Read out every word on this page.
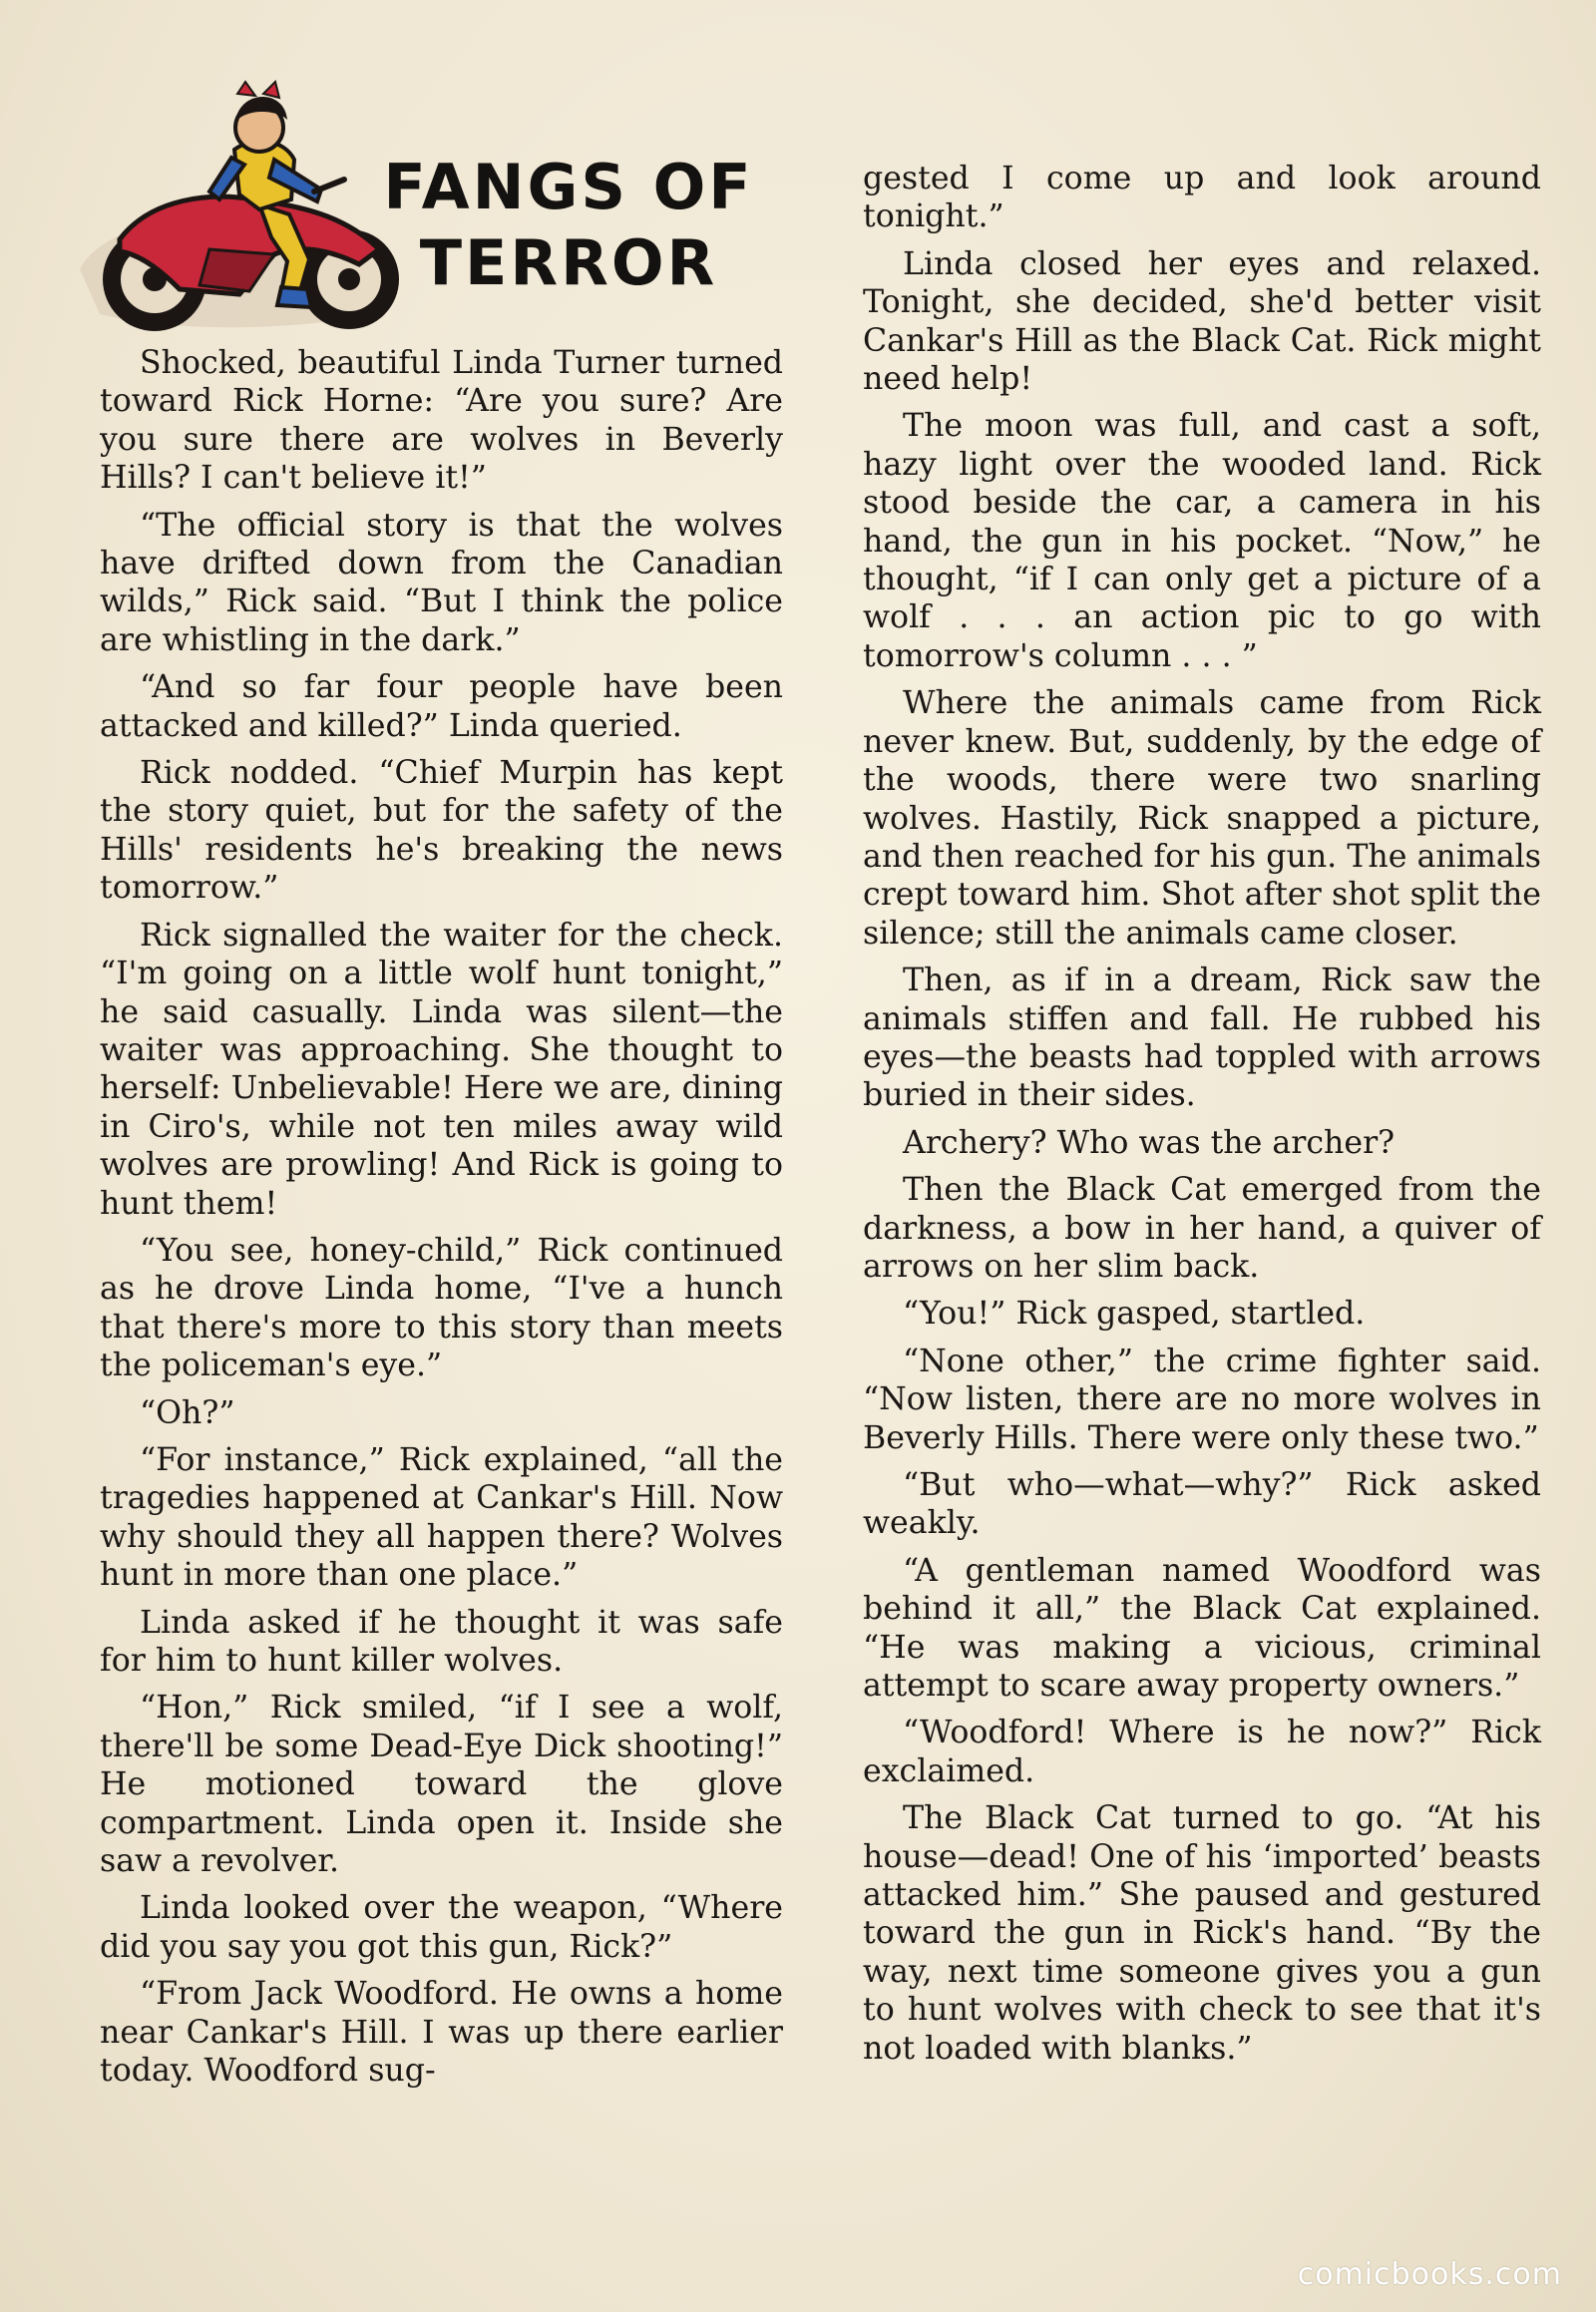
FANGS OF
TERROR

Shocked, beautiful Linda Turner turned toward Rick Horne: “Are you sure? Are you sure there are wolves in Beverly Hills? I can't believe it!”

“The official story is that the wolves have drifted down from the Canadian wilds,” Rick said. “But I think the police are whistling in the dark.”

“And so far four people have been attacked and killed?” Linda queried.

Rick nodded. “Chief Murpin has kept the story quiet, but for the safety of the Hills' residents he's breaking the news tomorrow.”

Rick signalled the waiter for the check. “I'm going on a little wolf hunt tonight,” he said casually. Linda was silent—the waiter was approaching. She thought to herself: Unbelievable! Here we are, dining in Ciro's, while not ten miles away wild wolves are prowling! And Rick is going to hunt them!

“You see, honey-child,” Rick continued as he drove Linda home, “I've a hunch that there's more to this story than meets the policeman's eye.”

“Oh?”

“For instance,” Rick explained, “all the tragedies happened at Cankar's Hill. Now why should they all happen there? Wolves hunt in more than one place.”

Linda asked if he thought it was safe for him to hunt killer wolves.

“Hon,” Rick smiled, “if I see a wolf, there'll be some Dead-Eye Dick shooting!” He motioned toward the glove compartment. Linda open it. Inside she saw a revolver.

Linda looked over the weapon, “Where did you say you got this gun, Rick?”

“From Jack Woodford. He owns a home near Cankar's Hill. I was up there earlier today. Woodford sug-

gested I come up and look around tonight.”

Linda closed her eyes and relaxed. Tonight, she decided, she'd better visit Cankar's Hill as the Black Cat. Rick might need help!

The moon was full, and cast a soft, hazy light over the wooded land. Rick stood beside the car, a camera in his hand, the gun in his pocket. “Now,” he thought, “if I can only get a picture of a wolf . . . an action pic to go with tomorrow's column . . . ”

Where the animals came from Rick never knew. But, suddenly, by the edge of the woods, there were two snarling wolves. Hastily, Rick snapped a picture, and then reached for his gun. The animals crept toward him. Shot after shot split the silence; still the animals came closer.

Then, as if in a dream, Rick saw the animals stiffen and fall. He rubbed his eyes—the beasts had toppled with arrows buried in their sides.

Archery? Who was the archer?

Then the Black Cat emerged from the darkness, a bow in her hand, a quiver of arrows on her slim back.

“You!” Rick gasped, startled.

“None other,” the crime fighter said. “Now listen, there are no more wolves in Beverly Hills. There were only these two.”

“But who—what—why?” Rick asked weakly.

“A gentleman named Woodford was behind it all,” the Black Cat explained. “He was making a vicious, criminal attempt to scare away property owners.”

“Woodford! Where is he now?” Rick exclaimed.

The Black Cat turned to go. “At his house—dead! One of his ‘imported’ beasts attacked him.” She paused and gestured toward the gun in Rick's hand. “By the way, next time someone gives you a gun to hunt wolves with check to see that it's not loaded with blanks.”

comicbooks.com
